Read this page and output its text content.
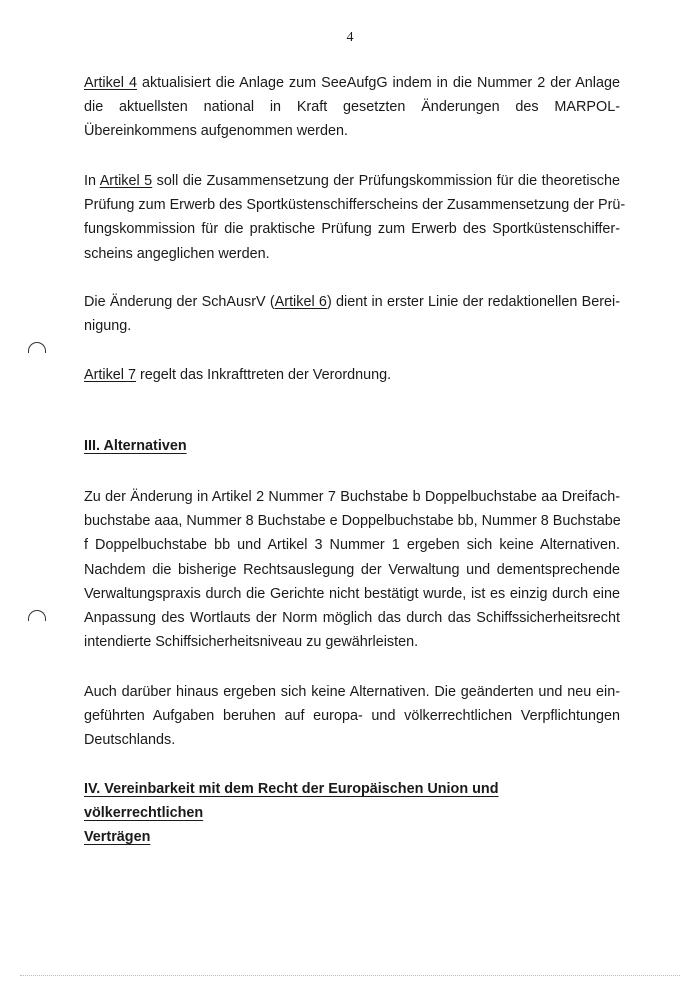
4
Artikel 4 aktualisiert die Anlage zum SeeAufgG indem in die Nummer 2 der Anlage
die aktuellsten national in Kraft gesetzten Änderungen des MARPOL-
Übereinkommens aufgenommen werden.
In Artikel 5 soll die Zusammensetzung der Prüfungskommission für die theoretische
Prüfung zum Erwerb des Sportküstenschifferscheins der Zusammensetzung der Prü-
fungskommission für die praktische Prüfung zum Erwerb des Sportküstenschiffer-
scheins angeglichen werden.
Die Änderung der SchAusrV (Artikel 6) dient in erster Linie der redaktionellen Berei-
nigung.
Artikel 7 regelt das Inkrafttreten der Verordnung.
III. Alternativen
Zu der Änderung in Artikel 2 Nummer 7 Buchstabe b Doppelbuchstabe aa Dreifach-
buchstabe aaa, Nummer 8 Buchstabe e Doppelbuchstabe bb, Nummer 8 Buchstabe
f Doppelbuchstabe bb und Artikel 3 Nummer 1 ergeben sich keine Alternativen.
Nachdem die bisherige Rechtsauslegung der Verwaltung und dementsprechende
Verwaltungspraxis durch die Gerichte nicht bestätigt wurde, ist es einzig durch eine
Anpassung des Wortlauts der Norm möglich das durch das Schiffssicherheitsrecht
intendierte Schiffsicherheitsniveau zu gewährleisten.
Auch darüber hinaus ergeben sich keine Alternativen. Die geänderten und neu ein-
geführten Aufgaben beruhen auf europa- und völkerrechtlichen Verpflichtungen
Deutschlands.
IV. Vereinbarkeit mit dem Recht der Europäischen Union und völkerrechtlichen
Verträgen
